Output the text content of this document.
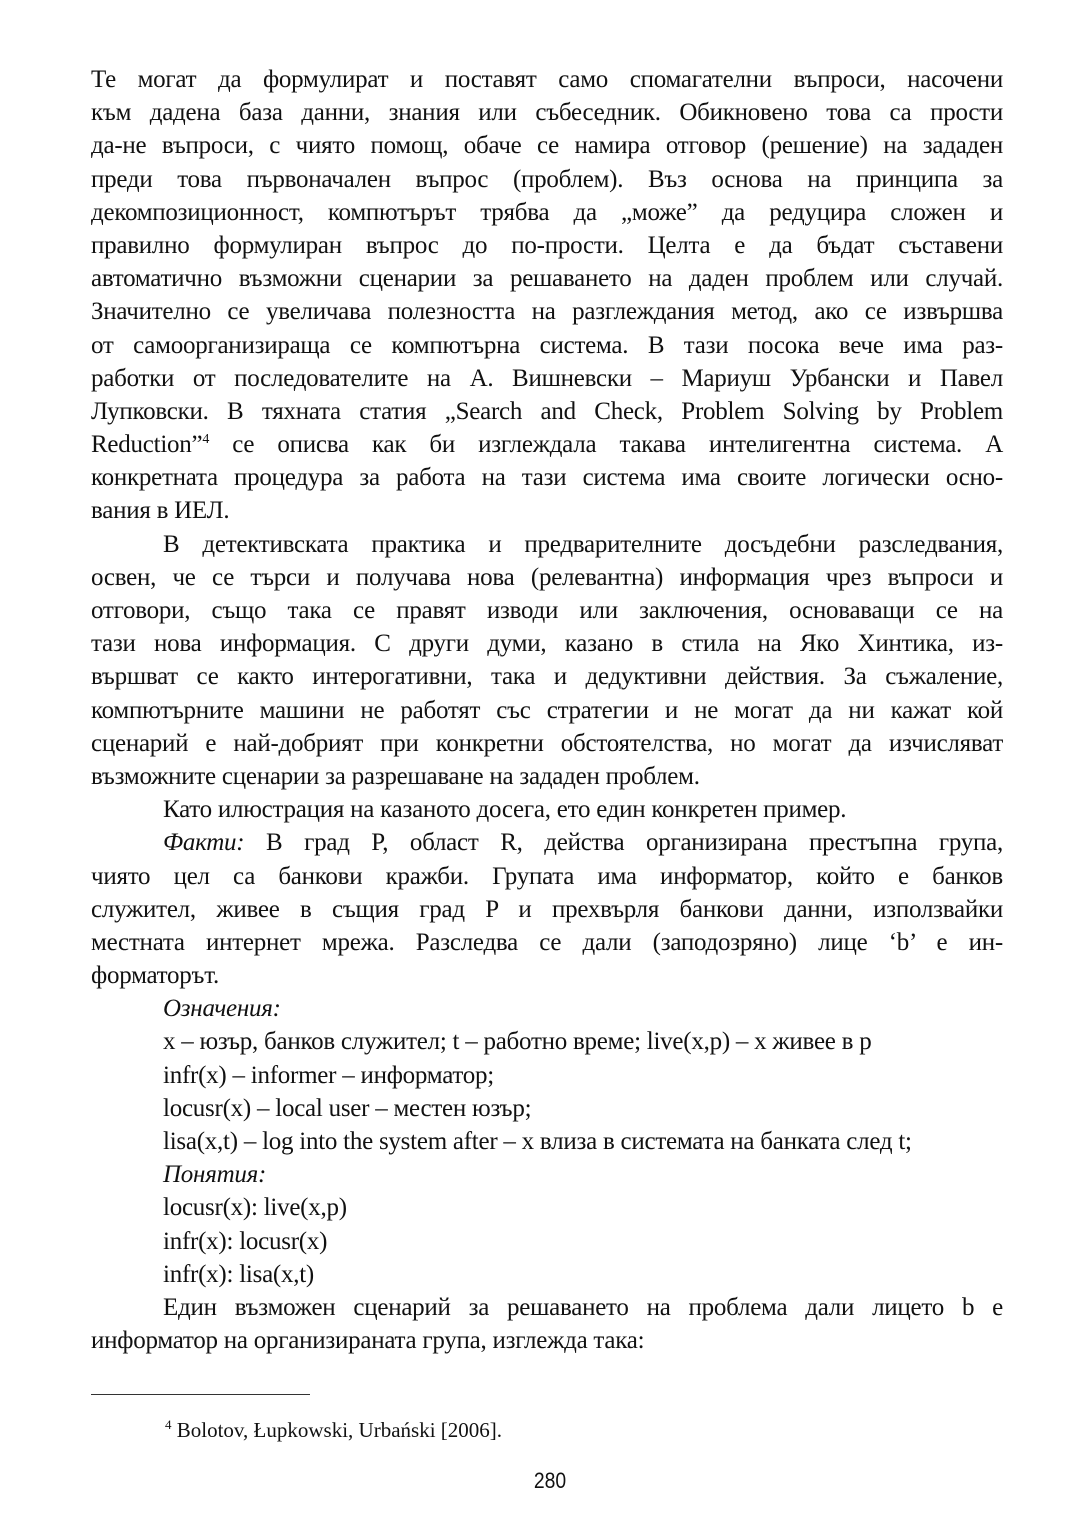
Те могат да формулират и поставят само спомагателни въпроси, насочени
към дадена база данни, знания или събеседник. Обикновено това са прости
да-не въпроси, с чиято помощ, обаче се намира отговор (решение) на зададен
преди това първоначален въпрос (проблем). Въз основа на принципа за
декомпозиционност, компютърът трябва да „може” да редуцира сложен и
правилно формулиран въпрос до по-прости. Целта е да бъдат съставени
автоматично възможни сценарии за решаването на даден проблем или случай.
Значително се увеличава полезността на разглеждания метод, ако се извършва
от самоорганизираща се компютърна система. В тази посока вече има раз-
работки от последователите на А. Вишневски – Мариуш Урбански и Павел
Лупковски. В тяхната статия „Search and Check, Problem Solving by Problem
Reduction”$^4$ се описва как би изглеждала такава интелигентна система. А
конкретната процедура за работа на тази система има своите логически осно-
вания в ИЕЛ.
В детективската практика и предварителните досъдебни разследвания,
освен, че се търси и получава нова (релевантна) информация чрез въпроси и
отговори, също така се правят изводи или заключения, основаващи се на
тази нова информация. С други думи, казано в стила на Яко Хинтика, из-
вършват се както интерогативни, така и дедуктивни действия. За съжаление,
компютърните машини не работят със стратегии и не могат да ни кажат кой
сценарий е най-добрият при конкретни обстоятелства, но могат да изчисляват
възможните сценарии за разрешаване на зададен проблем.
Като илюстрация на казаното досега, ето един конкретен пример.
Факти: В град P, област R, действа организирана престъпна група,
чиято цел са банкови кражби. Групата има информатор, който е банков
служител, живее в същия град P и прехвърля банкови данни, използвайки
местната интернет мрежа. Разследва се дали (заподозряно) лице ‘b’ е ин-
форматорът.
Означения:
x – юзър, банков служител; t – работно време; live(x,p) – x живее в p
infr(x) – informer – информатор;
locusr(x) – local user – местен юзър;
lisa(x,t) – log into the system after – x влиза в системата на банката след t;
Понятия:
locusr(x): live(x,p)
infr(x): locusr(x)
infr(x): lisa(x,t)
Един възможен сценарий за решаването на проблема дали лицето b е
информатор на организираната група, изглежда така:
$^4$ Bolotov, Łupkowski, Urbański [2006].
280
